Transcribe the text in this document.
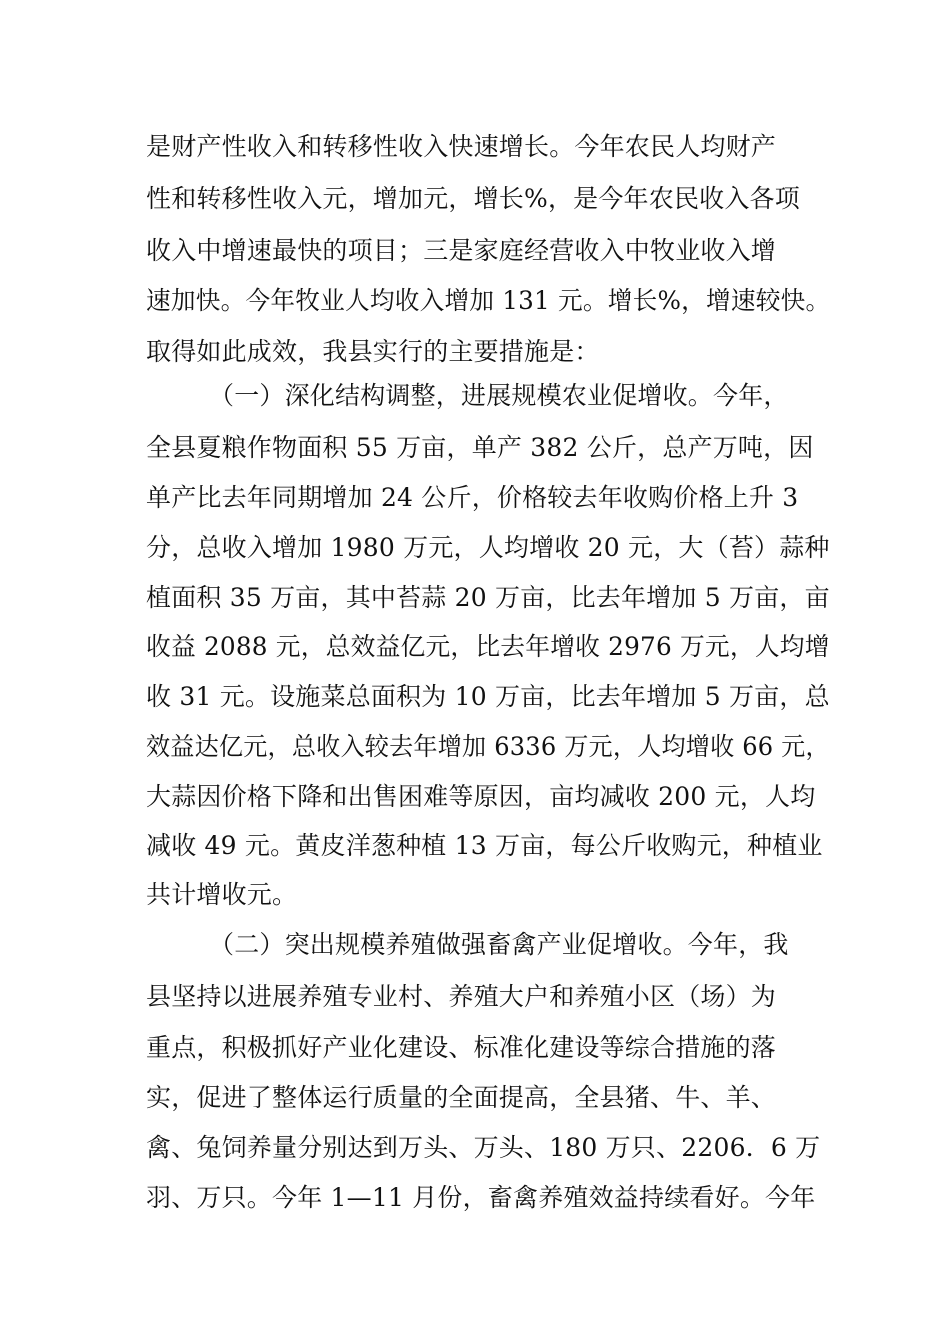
是财产性收入和转移性收入快速增长。今年农民人均财产
性和转移性收入元，增加元，增长%，是今年农民收入各项
收入中增速最快的项目；三是家庭经营收入中牧业收入增
速加快。今年牧业人均收入增加 131 元。增长%，增速较快。
取得如此成效，我县实行的主要措施是：
（一）深化结构调整，进展规模农业促增收。今年，
全县夏粮作物面积 55 万亩，单产 382 公斤，总产万吨，因
单产比去年同期增加 24 公斤，价格较去年收购价格上升 3
分，总收入增加 1980 万元，人均增收 20 元，大（苔）蒜种
植面积 35 万亩，其中苔蒜 20 万亩，比去年增加 5 万亩，亩
收益 2088 元，总效益亿元，比去年增收 2976 万元，人均增
收 31 元。设施菜总面积为 10 万亩，比去年增加 5 万亩，总
效益达亿元，总收入较去年增加 6336 万元，人均增收 66 元，
大蒜因价格下降和出售困难等原因，亩均减收 200 元，人均
减收 49 元。黄皮洋葱种植 13 万亩，每公斤收购元，种植业
共计增收元。
（二）突出规模养殖做强畜禽产业促增收。今年，我
县坚持以进展养殖专业村、养殖大户和养殖小区（场）为
重点，积极抓好产业化建设、标准化建设等综合措施的落
实，促进了整体运行质量的全面提高，全县猪、牛、羊、
禽、兔饲养量分别达到万头、万头、180 万只、2206．6 万
羽、万只。今年 1—11 月份，畜禽养殖效益持续看好。今年
